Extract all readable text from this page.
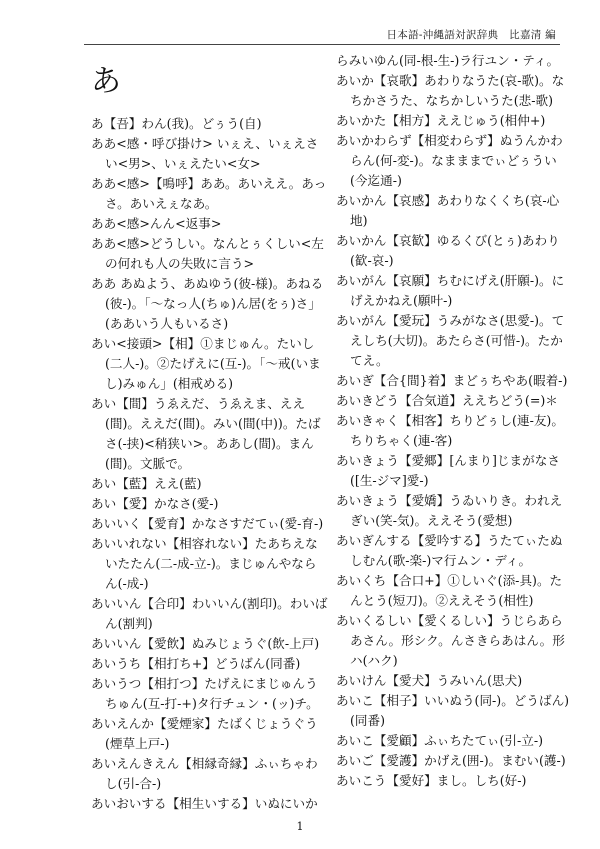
日本語-沖縄語対訳辞典　比嘉清 編
あ

あ【吾】わん(我)。どぅう(自)

ああ<感・呼び掛け> いぇえ、いぇえさい<男>、いぇえたい<女>

ああ<感>【鳴呼】ああ。あいええ。あっさ。あいえぇなあ。

ああ<感>んん<返事>

ああ<感>どうしい。なんとぅくしい<左の何れも人の失敗に言う>

ああ あぬよう、あぬゆう(彼-様)。あねる(彼-)。「～なっ人(ちゅ)ん居(をぅ)さ」(ああいう人もいるさ)

あい<接頭>【相】①まじゅん。たいし(二人-)。②たげえに(互-)。「～戒(いまし)みゅん」(相戒める)

あい【間】うゑえだ、うゑえま、ええ(間)。ええだ(間)。みい(間(中))。たばさ(-挟)<稍狭い>。ああし(間)。まん(間)。文脈で。

あい【藍】ええ(藍)

あい【愛】かなさ(愛-)

あいいく【愛育】かなさすだてぃ(愛-育-)

あいいれない【相容れない】たあちえないたたん(二-成-立-)。まじゅんやならん(-成-)

あいいん【合印】わいいん(割印)。わいばん(割判)

あいいん【愛飲】ぬみじょうぐ(飲-上戸)

あいうち【相打ち+】どうばん(同番)

あいうつ【相打つ】たげえにまじゅんうちゅん(互-打-+)タ行チュン・(ッ)チ。

あいえんか【愛煙家】たばくじょうぐう(煙草上戸-)

あいえんきえん【相縁奇縁】ふぃちゃわし(引-合-)

あいおいする【相生いする】いぬにいか

らみいゆん(同-根-生-)ラ行ユン・ティ。

あいか【哀歌】あわりなうた(哀-歌)。なちかさうた、なちかしいうた(悲-歌)

あいかた【相方】ええじゅう(相仲+)

あいかわらず【相変わらず】ぬうんかわらん(何-変-)。なまままでぃどぅうい(今迄通-)

あいかん【哀感】あわりなくくち(哀-心地)

あいかん【哀歓】ゆるくび(とぅ)あわり(歓-哀-)

あいがん【哀願】ちむにげえ(肝願-)。にげえかねえ(願叶-)

あいがん【愛玩】うみがなさ(思愛-)。てえしち(大切)。あたらさ(可惜-)。たかてえ。

あいぎ【合{間}着】まどぅちやあ(暇着-)

あいきどう【合気道】ええちどう(=)＊

あいきゃく【相客】ちりどぅし(連-友)。ちりちゃく(連-客)

あいきょう【愛郷】[んまり]じまがなさ([生-ジマ]愛-)

あいきょう【愛嬌】うゐいりき。われえぎい(笑-気)。ええそう(愛想)

あいぎんする【愛吟する】うたてぃたぬしむん(歌-楽-)マ行ムン・ディ。

あいくち【合口+】①しいぐ(添-具)。たんとう(短刀)。②ええそう(相性)

あいくるしい【愛くるしい】うじらあらあさん。形シク。んさきらあはん。形ハ(ハク)

あいけん【愛犬】うみいん(思犬)

あいこ【相子】いいぬう(同-)。どうばん)(同番)

あいこ【愛顧】ふぃちたてぃ(引-立-)

あいご【愛護】かげえ(囲-)。まむい(護-)

あいこう【愛好】まし。しち(好-)

1
